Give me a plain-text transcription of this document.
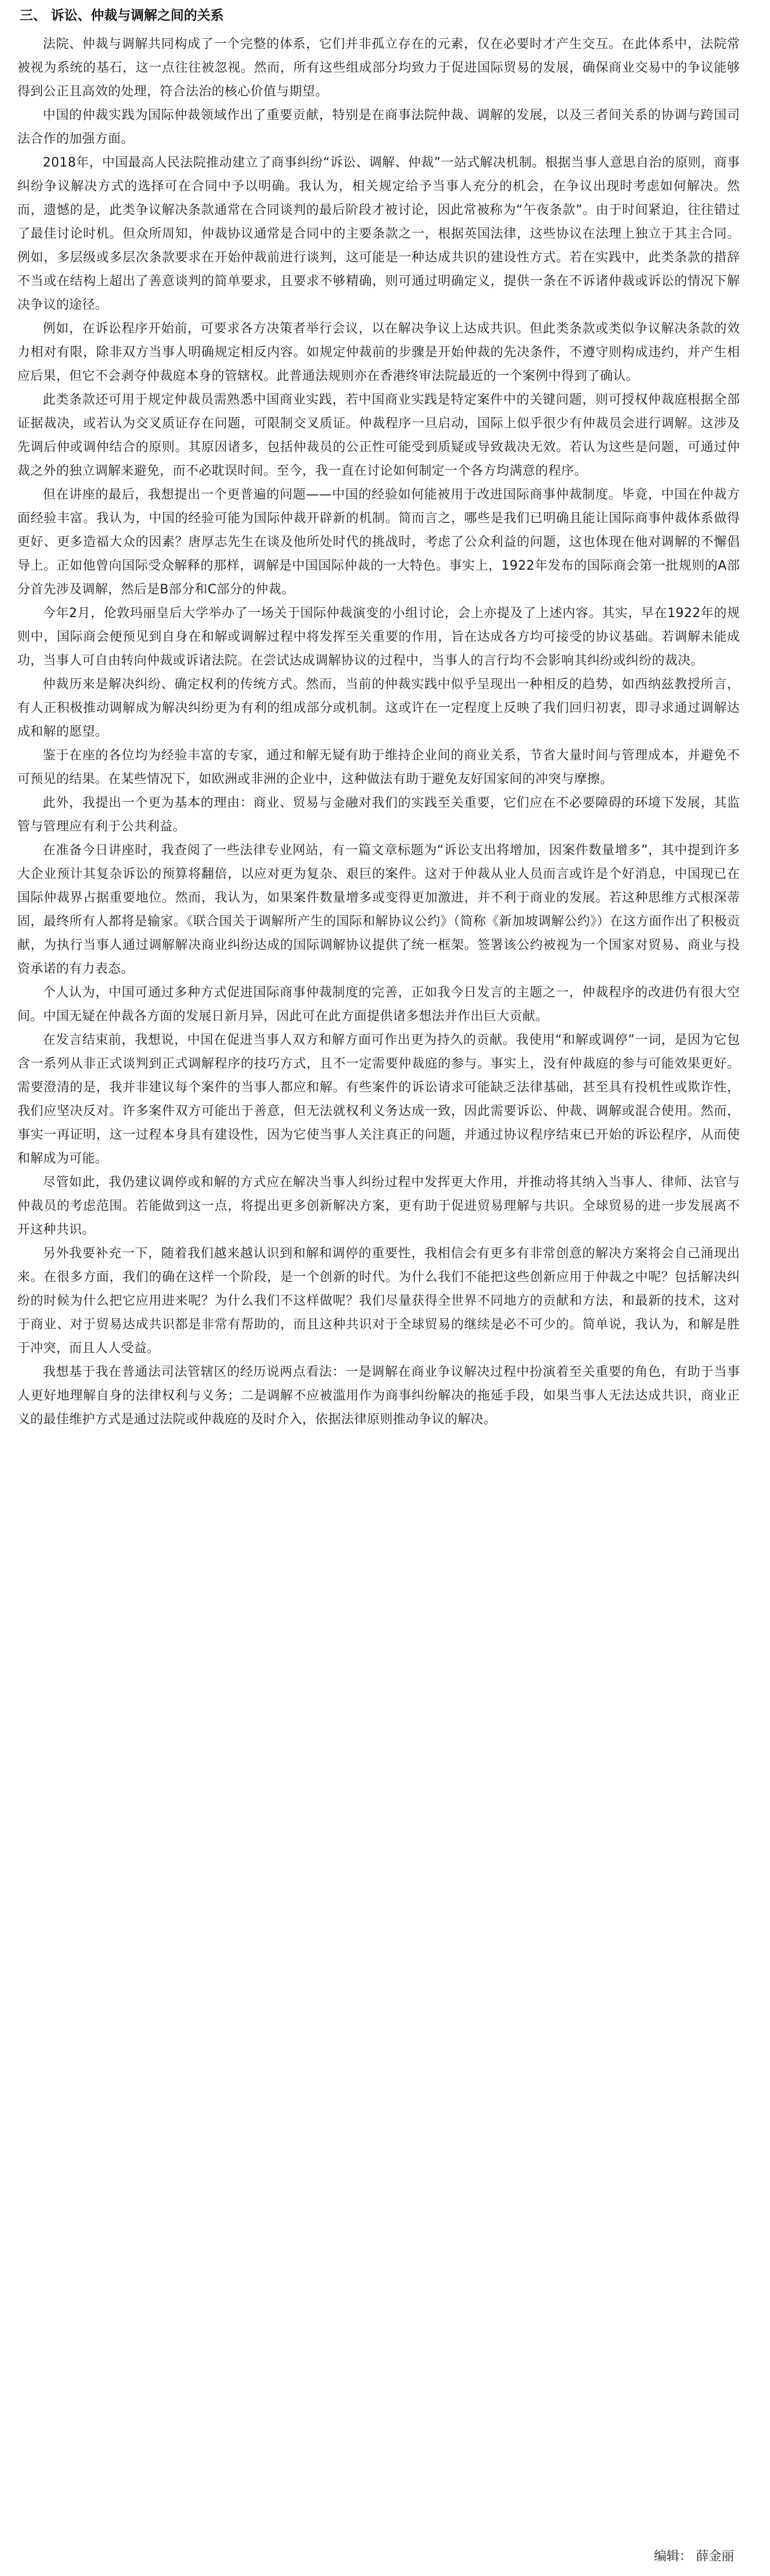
三、 诉讼、仲裁与调解之间的关系

法院、仲裁与调解共同构成了一个完整的体系，它们并非孤立存在的元素，仅在必要时才产生交互。在此体系中，法院常被视为系统的基石，这一点往往被忽视。然而，所有这些组成部分均致力于促进国际贸易的发展，确保商业交易中的争议能够得到公正且高效的处理，符合法治的核心价值与期望。

中国的仲裁实践为国际仲裁领域作出了重要贡献，特别是在商事法院仲裁、调解的发展，以及三者间关系的协调与跨国司法合作的加强方面。

2018年，中国最高人民法院推动建立了商事纠纷“诉讼、调解、仲裁”一站式解决机制。根据当事人意思自治的原则，商事纠纷争议解决方式的选择可在合同中予以明确。我认为，相关规定给予当事人充分的机会，在争议出现时考虑如何解决。然而，遗憾的是，此类争议解决条款通常在合同谈判的最后阶段才被讨论，因此常被称为“午夜条款”。由于时间紧迫，往往错过了最佳讨论时机。但众所周知，仲裁协议通常是合同中的主要条款之一，根据英国法律，这些协议在法理上独立于其主合同。例如，多层级或多层次条款要求在开始仲裁前进行谈判，这可能是一种达成共识的建设性方式。若在实践中，此类条款的措辞不当或在结构上超出了善意谈判的简单要求，且要求不够精确，则可通过明确定义，提供一条在不诉诸仲裁或诉讼的情况下解决争议的途径。

例如，在诉讼程序开始前，可要求各方决策者举行会议，以在解决争议上达成共识。但此类条款或类似争议解决条款的效力相对有限，除非双方当事人明确规定相反内容。如规定仲裁前的步骤是开始仲裁的先决条件，不遵守则构成违约，并产生相应后果，但它不会剥夺仲裁庭本身的管辖权。此普通法规则亦在香港终审法院最近的一个案例中得到了确认。

此类条款还可用于规定仲裁员需熟悉中国商业实践，若中国商业实践是特定案件中的关键问题，则可授权仲裁庭根据全部证据裁决，或若认为交叉质证存在问题，可限制交叉质证。仲裁程序一旦启动，国际上似乎很少有仲裁员会进行调解。这涉及先调后仲或调仲结合的原则。其原因诸多，包括仲裁员的公正性可能受到质疑或导致裁决无效。若认为这些是问题，可通过仲裁之外的独立调解来避免，而不必耽误时间。至今，我一直在讨论如何制定一个各方均满意的程序。

但在讲座的最后，我想提出一个更普遍的问题——中国的经验如何能被用于改进国际商事仲裁制度。毕竟，中国在仲裁方面经验丰富。我认为，中国的经验可能为国际仲裁开辟新的机制。简而言之，哪些是我们已明确且能让国际商事仲裁体系做得更好、更多造福大众的因素？唐厚志先生在谈及他所处时代的挑战时，考虑了公众利益的问题，这也体现在他对调解的不懈倡导上。正如他曾向国际受众解释的那样，调解是中国国际仲裁的一大特色。事实上，1922年发布的国际商会第一批规则的A部分首先涉及调解，然后是B部分和C部分的仲裁。

今年2月，伦敦玛丽皇后大学举办了一场关于国际仲裁演变的小组讨论，会上亦提及了上述内容。其实，早在1922年的规则中，国际商会便预见到自身在和解或调解过程中将发挥至关重要的作用，旨在达成各方均可接受的协议基础。若调解未能成功，当事人可自由转向仲裁或诉诸法院。在尝试达成调解协议的过程中，当事人的言行均不会影响其纠纷或纠纷的裁决。

仲裁历来是解决纠纷、确定权利的传统方式。然而，当前的仲裁实践中似乎呈现出一种相反的趋势，如西纳兹教授所言，有人正积极推动调解成为解决纠纷更为有利的组成部分或机制。这或许在一定程度上反映了我们回归初衷，即寻求通过调解达成和解的愿望。

鉴于在座的各位均为经验丰富的专家，通过和解无疑有助于维持企业间的商业关系，节省大量时间与管理成本，并避免不可预见的结果。在某些情况下，如欧洲或非洲的企业中，这种做法有助于避免友好国家间的冲突与摩擦。

此外，我提出一个更为基本的理由：商业、贸易与金融对我们的实践至关重要，它们应在不必要障碍的环境下发展，其监管与管理应有利于公共利益。

在准备今日讲座时，我查阅了一些法律专业网站，有一篇文章标题为“诉讼支出将增加，因案件数量增多”，其中提到许多大企业预计其复杂诉讼的预算将翻倍，以应对更为复杂、艰巨的案件。这对于仲裁从业人员而言或许是个好消息，中国现已在国际仲裁界占据重要地位。然而，我认为，如果案件数量增多或变得更加激进，并不利于商业的发展。若这种思维方式根深蒂固，最终所有人都将是输家。《联合国关于调解所产生的国际和解协议公约》（简称《新加坡调解公约》）在这方面作出了积极贡献，为执行当事人通过调解解决商业纠纷达成的国际调解协议提供了统一框架。签署该公约被视为一个国家对贸易、商业与投资承诺的有力表态。

个人认为，中国可通过多种方式促进国际商事仲裁制度的完善，正如我今日发言的主题之一，仲裁程序的改进仍有很大空间。中国无疑在仲裁各方面的发展日新月异，因此可在此方面提供诸多想法并作出巨大贡献。

在发言结束前，我想说，中国在促进当事人双方和解方面可作出更为持久的贡献。我使用“和解或调停”一词，是因为它包含一系列从非正式谈判到正式调解程序的技巧方式，且不一定需要仲裁庭的参与。事实上，没有仲裁庭的参与可能效果更好。需要澄清的是，我并非建议每个案件的当事人都应和解。有些案件的诉讼请求可能缺乏法律基础，甚至具有投机性或欺诈性，我们应坚决反对。许多案件双方可能出于善意，但无法就权利义务达成一致，因此需要诉讼、仲裁、调解或混合使用。然而，事实一再证明，这一过程本身具有建设性，因为它使当事人关注真正的问题，并通过协议程序结束已开始的诉讼程序，从而使和解成为可能。

尽管如此，我仍建议调停或和解的方式应在解决当事人纠纷过程中发挥更大作用，并推动将其纳入当事人、律师、法官与仲裁员的考虑范围。若能做到这一点，将提出更多创新解决方案，更有助于促进贸易理解与共识。全球贸易的进一步发展离不开这种共识。

另外我要补充一下，随着我们越来越认识到和解和调停的重要性，我相信会有更多有非常创意的解决方案将会自己涌现出来。在很多方面，我们的确在这样一个阶段，是一个创新的时代。为什么我们不能把这些创新应用于仲裁之中呢？包括解决纠纷的时候为什么把它应用进来呢？为什么我们不这样做呢？我们尽量获得全世界不同地方的贡献和方法，和最新的技术，这对于商业、对于贸易达成共识都是非常有帮助的，而且这种共识对于全球贸易的继续是必不可少的。简单说，我认为，和解是胜于冲突，而且人人受益。

我想基于我在普通法司法管辖区的经历说两点看法：一是调解在商业争议解决过程中扮演着至关重要的角色，有助于当事人更好地理解自身的法律权利与义务；二是调解不应被滥用作为商事纠纷解决的拖延手段，如果当事人无法达成共识，商业正义的最佳维护方式是通过法院或仲裁庭的及时介入，依据法律原则推动争议的解决。

编辑： 薛金丽
